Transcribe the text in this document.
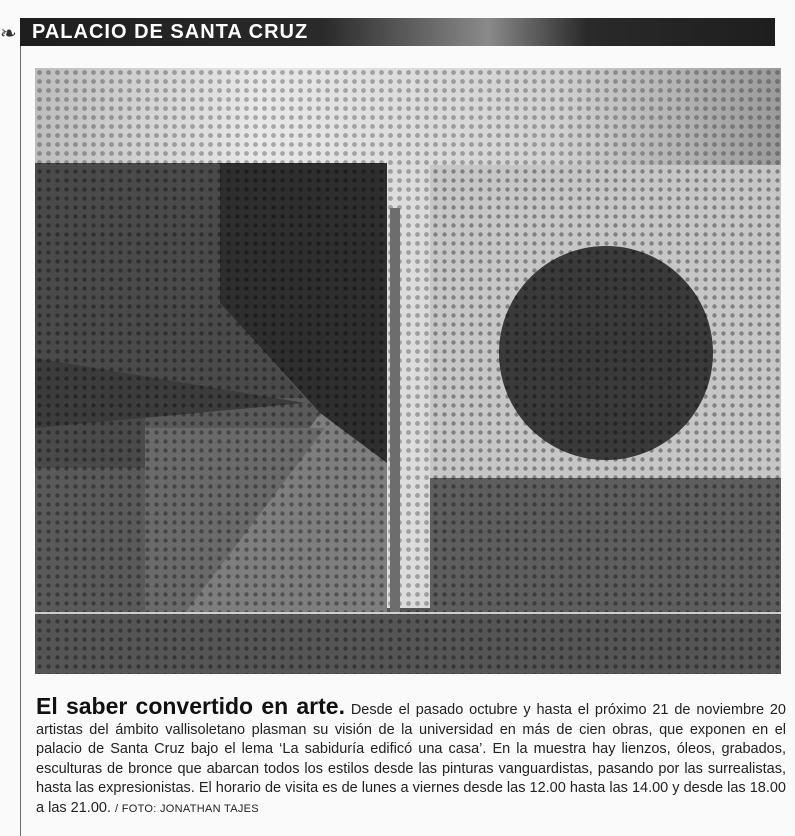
❧ PALACIO DE SANTA CRUZ
El saber convertido en arte. Desde el pasado octubre y hasta el próximo 21 de noviembre 20 artistas del ámbito vallisoletano plasman su visión de la universidad en más de cien obras, que exponen en el palacio de Santa Cruz bajo el lema ‘La sabiduría edificó una casa’. En la muestra hay lienzos, óleos, grabados, esculturas de bronce que abarcan todos los estilos desde las pinturas vanguardistas, pasando por las surrealistas, hasta las expresionistas. El horario de visita es de lunes a viernes desde las 12.00 hasta las 14.00 y desde las 18.00 a las 21.00. / FOTO: JONATHAN TAJES
